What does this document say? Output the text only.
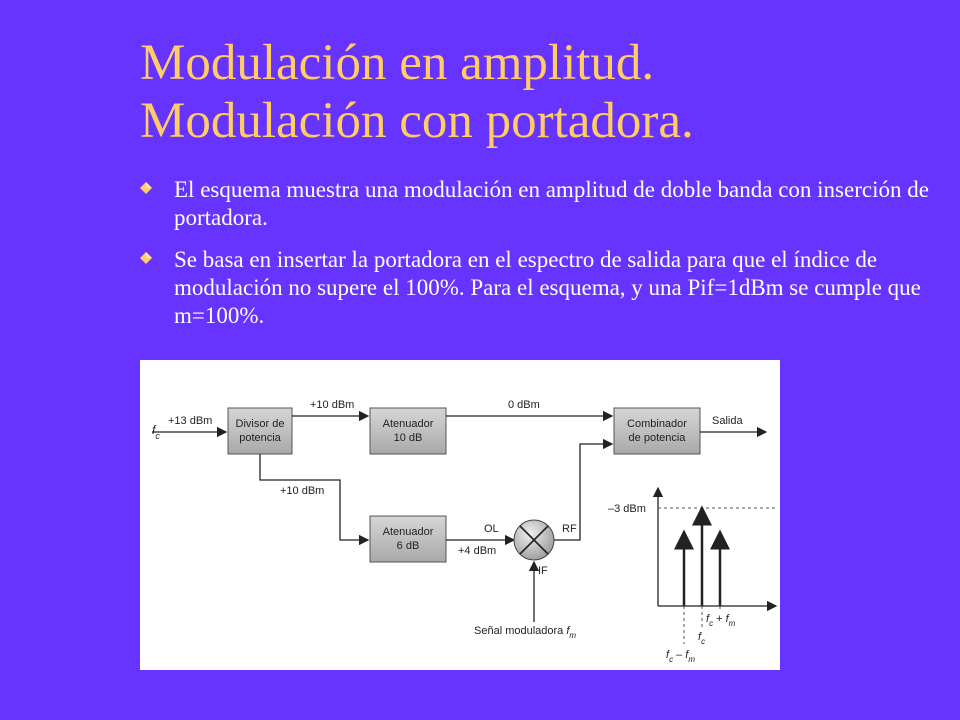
Modulación en amplitud.
Modulación con portadora.
El esquema muestra una modulación en amplitud de doble banda con inserción de portadora.
Se basa en insertar la portadora en el espectro de salida para que el índice de modulación no supere el 100%. Para el esquema, y una Pif=1dBm se cumple que m=100%.
+13 dBm
$f_c$
Divisor de
potencia
+10 dBm
Atenuador
10 dB
0 dBm
Combinador
de potencia
Salida
+10 dBm
Atenuador
6 dB
OL
+4 dBm
RF
IF
Señal moduladora $f_m$
–3 dBm
$f_c + f_m$
$f_c$
$f_c - f_m$
